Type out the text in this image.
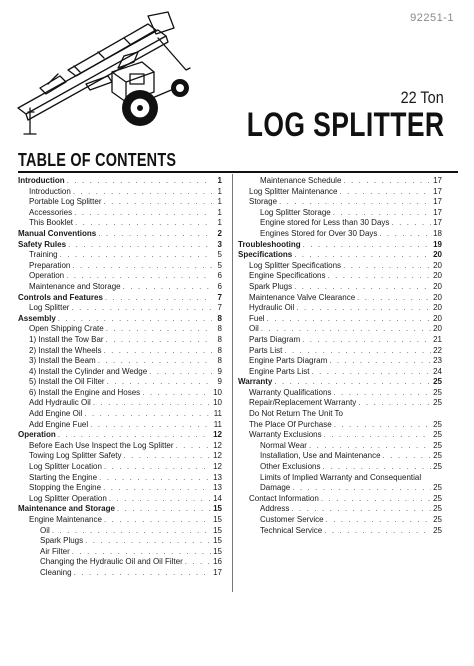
92251-1
22 Ton
LOG SPLITTER
TABLE OF CONTENTS
Introduction . . .	1
Introduction . . .	1
Portable Log Splitter . . .	1
Accessories . . .	1
This Booklet . . .	1
Manual Conventions . . .	2
Safety Rules . . .	3
Training . . .	5
Preparation . . .	5
Operation . . .	6
Maintenance and Storage . . .	6
Controls and Features . . .	7
Log Splitter . . .	7
Assembly . . .	8
Open Shipping Crate . . .	8
1) Install the Tow Bar . . .	8
2) Install the Wheels . . .	8
3) Install the Beam . . .	8
4) Install the Cylinder and Wedge . . .	9
5) Install the Oil Filter . . .	9
6) Install the Engine and Hoses . . .	10
Add Hydraulic Oil . . .	10
Add Engine Oil . . .	11
Add Engine Fuel . . .	11
Operation . . .	12
Before Each Use Inspect the Log Splitter . . .	12
Towing Log Splitter Safety . . .	12
Log Splitter Location . . .	12
Starting the Engine . . .	13
Stopping the Engine . . .	13
Log Splitter Operation . . .	14
Maintenance and Storage . . .	15
Engine Maintenance . . .	15
Oil . . .	15
Spark Plugs . . .	15
Air Filter . . .	15
Changing the Hydraulic Oil and Oil Filter . . .	16
Cleaning . . .	17
Maintenance Schedule . . .	17
Log Splitter Maintenance . . .	17
Storage . . .	17
Log Splitter Storage . . .	17
Engine stored for Less than 30 Days . . .	17
Engines Stored for Over 30 Days . . .	18
Troubleshooting . . .	19
Specifications . . .	20
Log Splitter Specifications . . .	20
Engine Specifications . . .	20
Spark Plugs . . .	20
Maintenance Valve Clearance . . .	20
Hydraulic Oil . . .	20
Fuel . . .	20
Oil . . .	20
Parts Diagram . . .	21
Parts List . . .	22
Engine Parts Diagram . . .	23
Engine Parts List . . .	24
Warranty . . .	25
Warranty Qualifications . . .	25
Repair/Replacement Warranty . . .	25
Do Not Return The Unit To
The Place Of Purchase . . .	25
Warranty Exclusions . . .	25
Normal Wear . . .	25
Installation, Use and Maintenance . . .	25
Other Exclusions . . .	25
Limits of Implied Warranty and Consequential
Damage . . .	25
Contact Information . . .	25
Address . . .	25
Customer Service . . .	25
Technical Service . . .	25
